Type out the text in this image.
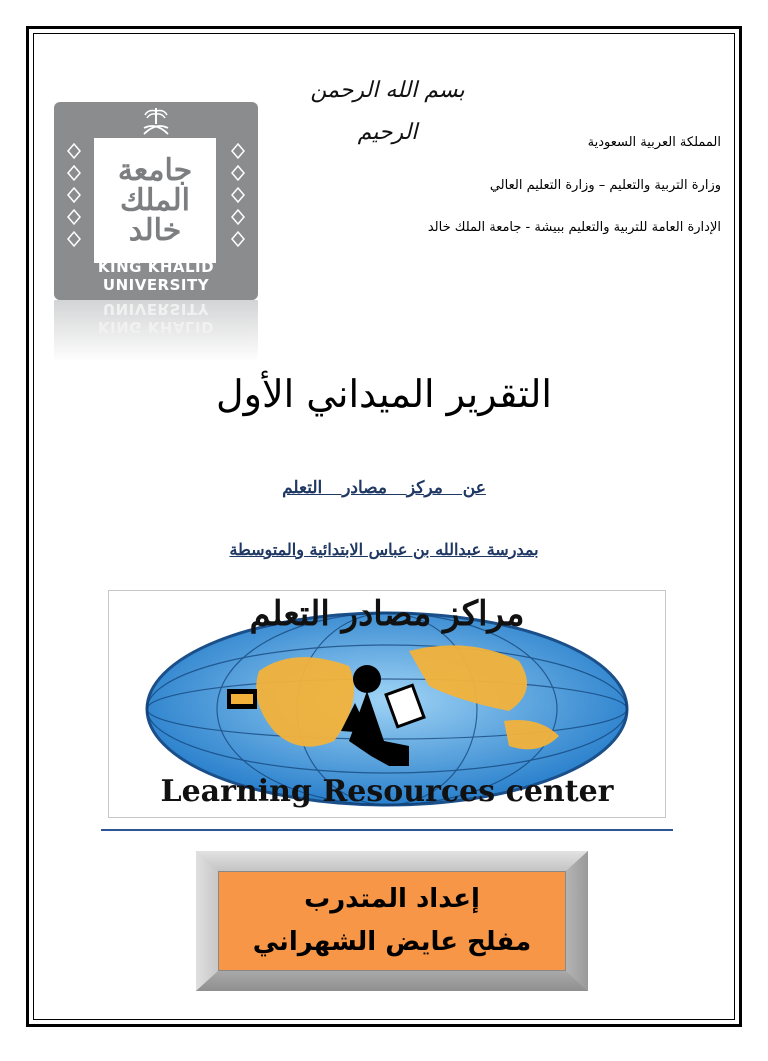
بسم الله الرحمن الرحيم
جامعة الملك خالد
KING KHALID UNIVERSITY
KING KHALID UNIVERSITY
المملكة العربية السعودية
وزارة التربية والتعليم – وزارة التعليم العالي
الإدارة العامة للتربية والتعليم ببيشة - جامعة الملك خالد
التقرير الميداني الأول
عن مركز مصادر التعلم
بمدرسة عبدالله بن عباس الابتدائية والمتوسطة
مراكز مصادر التعلم
Learning Resources center
إعداد المتدرب
مفلح عايض الشهراني
